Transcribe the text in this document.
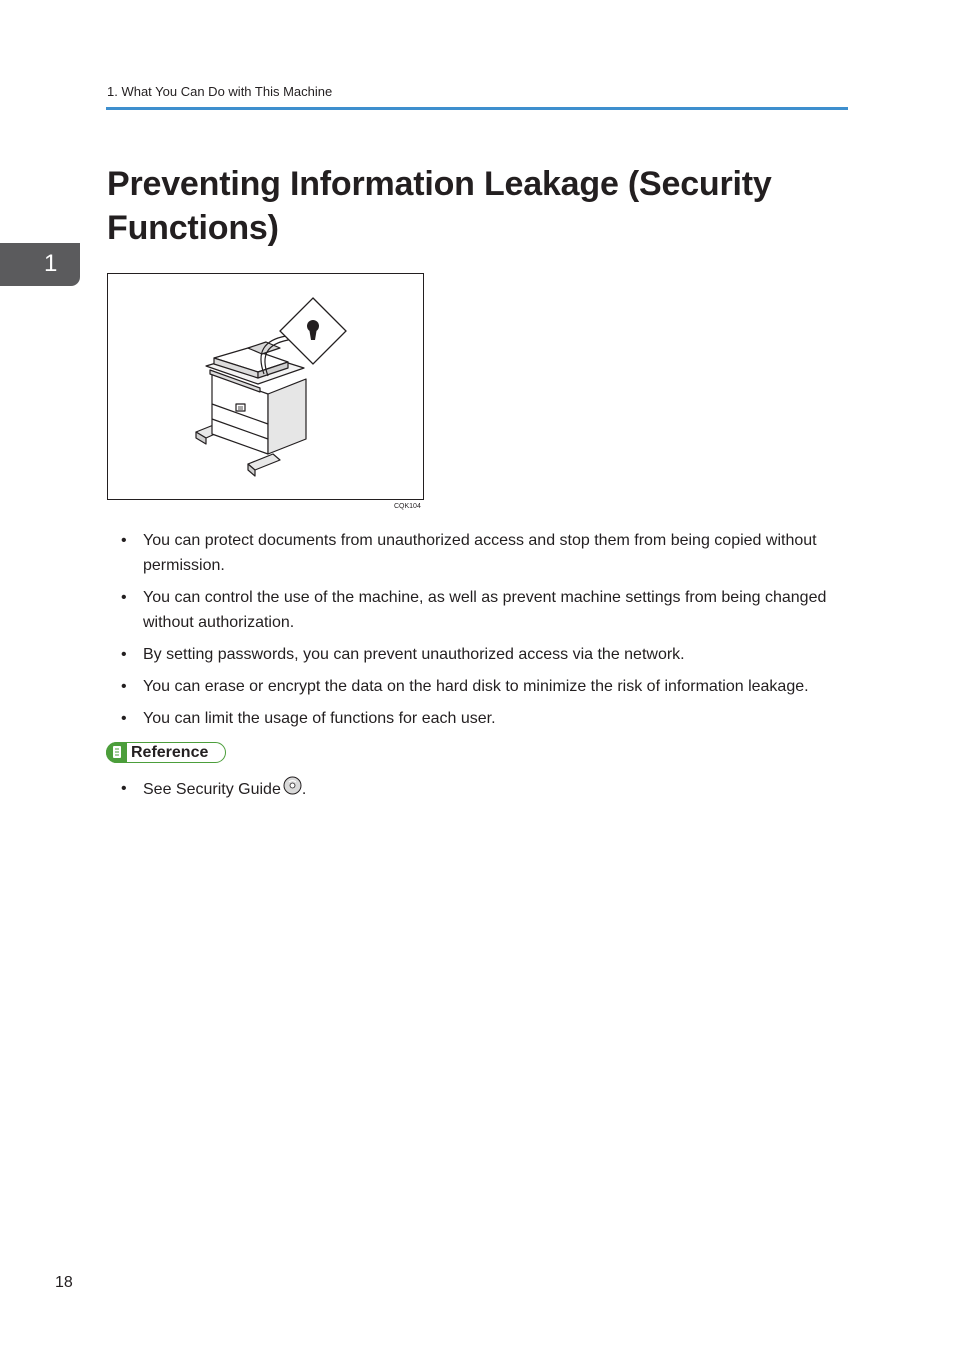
1. What You Can Do with This Machine
1
Preventing Information Leakage (Security Functions)
CQK104
• You can protect documents from unauthorized access and stop them from being copied without permission.
• You can control the use of the machine, as well as prevent machine settings from being changed without authorization.
• By setting passwords, you can prevent unauthorized access via the network.
• You can erase or encrypt the data on the hard disk to minimize the risk of information leakage.
• You can limit the usage of functions for each user.
Reference
• See Security Guide .
18
